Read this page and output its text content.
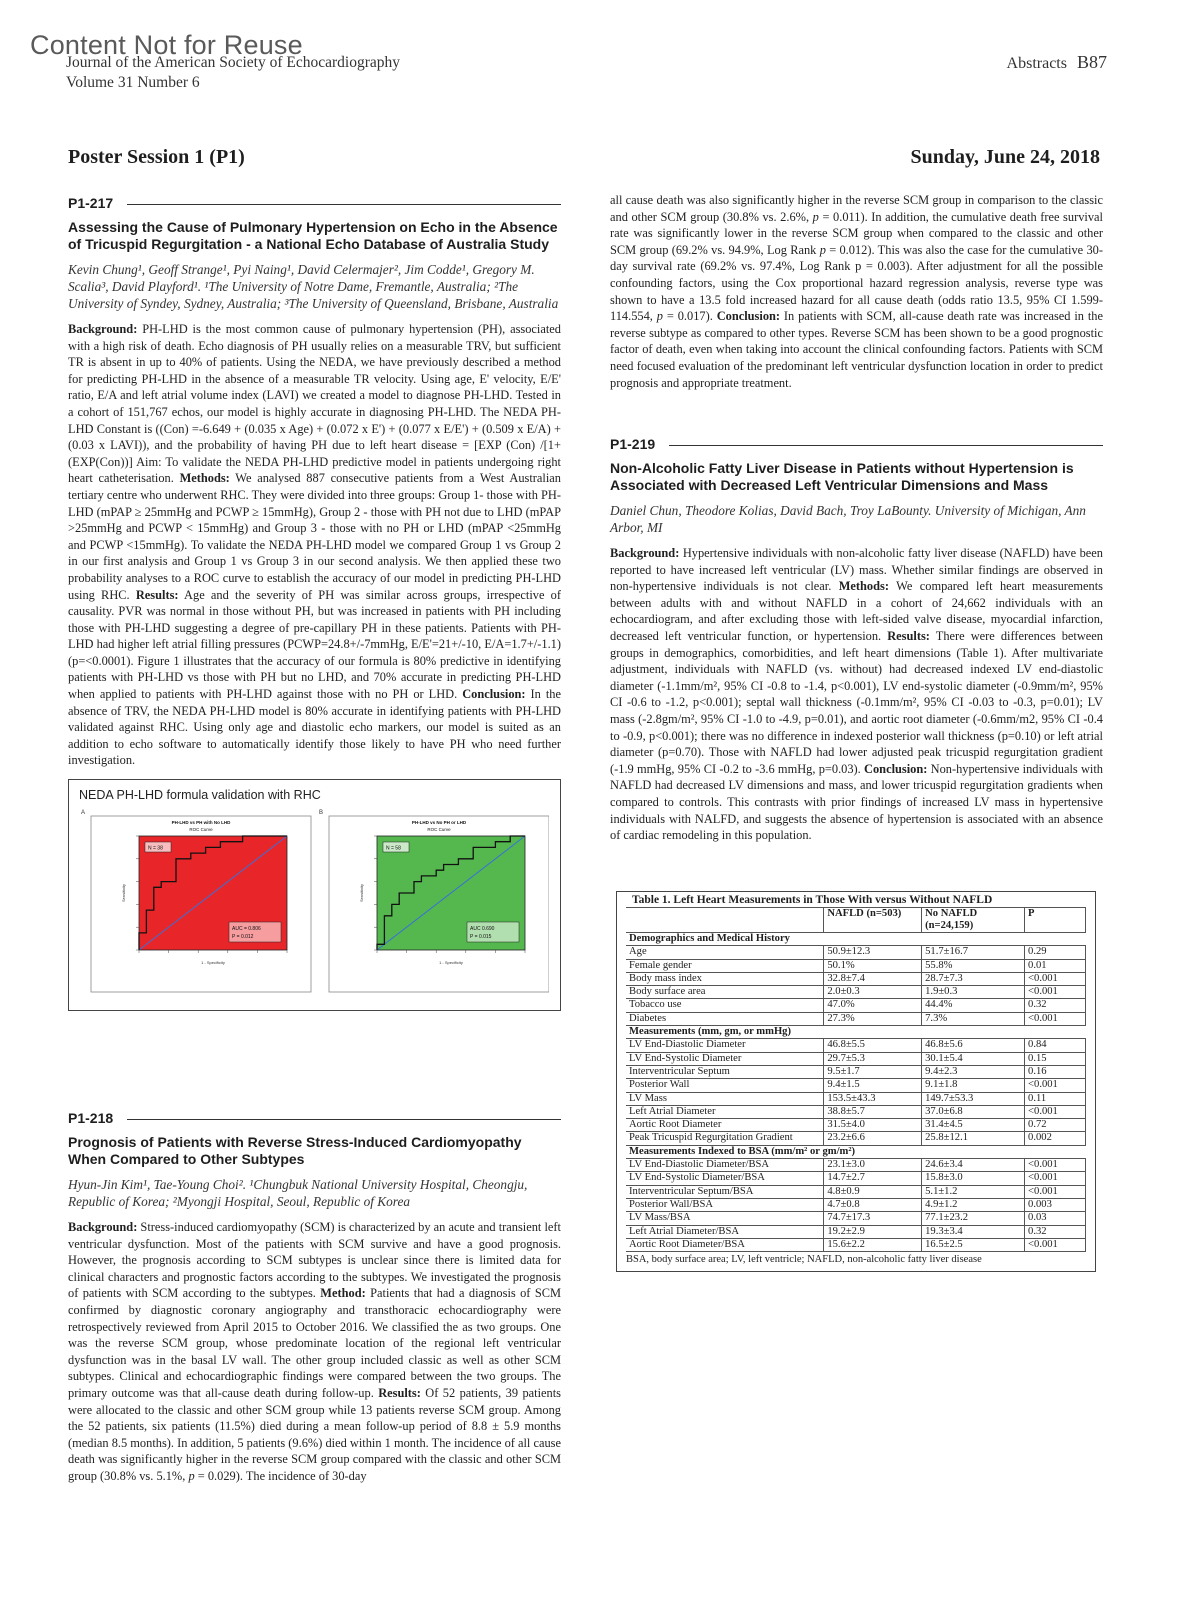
Content Not for Reuse
Journal of the American Society of Echocardiography
Volume 31 Number 6
Abstracts B87
Poster Session 1 (P1)	Sunday, June 24, 2018
P1-217
Assessing the Cause of Pulmonary Hypertension on Echo in the Absence of Tricuspid Regurgitation - a National Echo Database of Australia Study
Kevin Chung¹, Geoff Strange¹, Pyi Naing¹, David Celermajer², Jim Codde¹, Gregory M. Scalia³, David Playford¹. ¹The University of Notre Dame, Fremantle, Australia; ²The University of Syndey, Sydney, Australia; ³The University of Queensland, Brisbane, Australia
Background: PH-LHD is the most common cause of pulmonary hypertension (PH), associated with a high risk of death. Echo diagnosis of PH usually relies on a measurable TRV, but sufficient TR is absent in up to 40% of patients. Using the NEDA, we have previously described a method for predicting PH-LHD in the absence of a measurable TR velocity. Using age, E' velocity, E/E' ratio, E/A and left atrial volume index (LAVI) we created a model to diagnose PH-LHD. Tested in a cohort of 151,767 echos, our model is highly accurate in diagnosing PH-LHD. The NEDA PH-LHD Constant is ((Con) =-6.649 + (0.035 x Age) + (0.072 x E') + (0.077 x E/E') + (0.509 x E/A) + (0.03 x LAVI)), and the probability of having PH due to left heart disease = [EXP (Con) /[1+ (EXP(Con))] Aim: To validate the NEDA PH-LHD predictive model in patients undergoing right heart catheterisation. Methods: We analysed 887 consecutive patients from a West Australian tertiary centre who underwent RHC. They were divided into three groups: Group 1- those with PH-LHD (mPAP ≥ 25mmHg and PCWP ≥ 15mmHg), Group 2 - those with PH not due to LHD (mPAP >25mmHg and PCWP < 15mmHg) and Group 3 - those with no PH or LHD (mPAP <25mmHg and PCWP <15mmHg). To validate the NEDA PH-LHD model we compared Group 1 vs Group 2 in our first analysis and Group 1 vs Group 3 in our second analysis. We then applied these two probability analyses to a ROC curve to establish the accuracy of our model in predicting PH-LHD using RHC. Results: Age and the severity of PH was similar across groups, irrespective of causality. PVR was normal in those without PH, but was increased in patients with PH including those with PH-LHD suggesting a degree of pre-capillary PH in these patients. Patients with PH-LHD had higher left atrial filling pressures (PCWP=24.8+/-7mmHg, E/E'=21+/-10, E/A=1.7+/-1.1)(p=<0.0001). Figure 1 illustrates that the accuracy of our formula is 80% predictive in identifying patients with PH-LHD vs those with PH but no LHD, and 70% accurate in predicting PH-LHD when applied to patients with PH-LHD against those with no PH or LHD. Conclusion: In the absence of TRV, the NEDA PH-LHD model is 80% accurate in identifying patients with PH-LHD validated against RHC. Using only age and diastolic echo markers, our model is suited as an addition to echo software to automatically identify those likely to have PH who need further investigation.
NEDA PH-LHD formula validation with RHC
A
PH-LHD vs PH with No LHD
ROC Curve
N = 38
AUC = 0.806
P = 0.012
1 - Specificity
Sensitivity
B
PH-LHD vs No PH or LHD
ROC Curve
N = 58
AUC 0.690
P = 0.015
1 - Specificity
Sensitivity
P1-218
Prognosis of Patients with Reverse Stress-Induced Cardiomyopathy When Compared to Other Subtypes
Hyun-Jin Kim¹, Tae-Young Choi². ¹Chungbuk National University Hospital, Cheongju, Republic of Korea; ²Myongji Hospital, Seoul, Republic of Korea
Background: Stress-induced cardiomyopathy (SCM) is characterized by an acute and transient left ventricular dysfunction. Most of the patients with SCM survive and have a good prognosis. However, the prognosis according to SCM subtypes is unclear since there is limited data for clinical characters and prognostic factors according to the subtypes. We investigated the prognosis of patients with SCM according to the subtypes. Method: Patients that had a diagnosis of SCM confirmed by diagnostic coronary angiography and transthoracic echocardiography were retrospectively reviewed from April 2015 to October 2016. We classified the as two groups. One was the reverse SCM group, whose predominate location of the regional left ventricular dysfunction was in the basal LV wall. The other group included classic as well as other SCM subtypes. Clinical and echocardiographic findings were compared between the two groups. The primary outcome was that all-cause death during follow-up. Results: Of 52 patients, 39 patients were allocated to the classic and other SCM group while 13 patients reverse SCM group. Among the 52 patients, six patients (11.5%) died during a mean follow-up period of 8.8 ± 5.9 months (median 8.5 months). In addition, 5 patients (9.6%) died within 1 month. The incidence of all cause death was significantly higher in the reverse SCM group compared with the classic and other SCM group (30.8% vs. 5.1%, p = 0.029). The incidence of 30-day
all cause death was also significantly higher in the reverse SCM group in comparison to the classic and other SCM group (30.8% vs. 2.6%, p = 0.011). In addition, the cumulative death free survival rate was significantly lower in the reverse SCM group when compared to the classic and other SCM group (69.2% vs. 94.9%, Log Rank p = 0.012). This was also the case for the cumulative 30-day survival rate (69.2% vs. 97.4%, Log Rank p = 0.003). After adjustment for all the possible confounding factors, using the Cox proportional hazard regression analysis, reverse type was shown to have a 13.5 fold increased hazard for all cause death (odds ratio 13.5, 95% CI 1.599-114.554, p = 0.017). Conclusion: In patients with SCM, all-cause death rate was increased in the reverse subtype as compared to other types. Reverse SCM has been shown to be a good prognostic factor of death, even when taking into account the clinical confounding factors. Patients with SCM need focused evaluation of the predominant left ventricular dysfunction location in order to predict prognosis and appropriate treatment.
P1-219
Non-Alcoholic Fatty Liver Disease in Patients without Hypertension is Associated with Decreased Left Ventricular Dimensions and Mass
Daniel Chun, Theodore Kolias, David Bach, Troy LaBounty. University of Michigan, Ann Arbor, MI
Background: Hypertensive individuals with non-alcoholic fatty liver disease (NAFLD) have been reported to have increased left ventricular (LV) mass. Whether similar findings are observed in non-hypertensive individuals is not clear. Methods: We compared left heart measurements between adults with and without NAFLD in a cohort of 24,662 individuals with an echocardiogram, and after excluding those with left-sided valve disease, myocardial infarction, decreased left ventricular function, or hypertension. Results: There were differences between groups in demographics, comorbidities, and left heart dimensions (Table 1). After multivariate adjustment, individuals with NAFLD (vs. without) had decreased indexed LV end-diastolic diameter (-1.1mm/m², 95% CI -0.8 to -1.4, p<0.001), LV end-systolic diameter (-0.9mm/m², 95% CI -0.6 to -1.2, p<0.001); septal wall thickness (-0.1mm/m², 95% CI -0.03 to -0.3, p=0.01); LV mass (-2.8gm/m², 95% CI -1.0 to -4.9, p=0.01), and aortic root diameter (-0.6mm/m2, 95% CI -0.4 to -0.9, p<0.001); there was no difference in indexed posterior wall thickness (p=0.10) or left atrial diameter (p=0.70). Those with NAFLD had lower adjusted peak tricuspid regurgitation gradient (-1.9 mmHg, 95% CI -0.2 to -3.6 mmHg, p=0.03). Conclusion: Non-hypertensive individuals with NAFLD had decreased LV dimensions and mass, and lower tricuspid regurgitation gradients when compared to controls. This contrasts with prior findings of increased LV mass in hypertensive individuals with NALFD, and suggests the absence of hypertension is associated with an absence of cardiac remodeling in this population.
Table 1. Left Heart Measurements in Those With versus Without NAFLD
	NAFLD (n=503)	No NAFLD (n=24,159)	P
Demographics and Medical History			
Age	50.9±12.3	51.7±16.7	0.29
Female gender	50.1%	55.8%	0.01
Body mass index	32.8±7.4	28.7±7.3	<0.001
Body surface area	2.0±0.3	1.9±0.3	<0.001
Tobacco use	47.0%	44.4%	0.32
Diabetes	27.3%	7.3%	<0.001
Measurements (mm, gm, or mmHg)			
LV End-Diastolic Diameter	46.8±5.5	46.8±5.6	0.84
LV End-Systolic Diameter	29.7±5.3	30.1±5.4	0.15
Interventricular Septum	9.5±1.7	9.4±2.3	0.16
Posterior Wall	9.4±1.5	9.1±1.8	<0.001
LV Mass	153.5±43.3	149.7±53.3	0.11
Left Atrial Diameter	38.8±5.7	37.0±6.8	<0.001
Aortic Root Diameter	31.5±4.0	31.4±4.5	0.72
Peak Tricuspid Regurgitation Gradient	23.2±6.6	25.8±12.1	0.002
Measurements Indexed to BSA (mm/m² or gm/m²)			
LV End-Diastolic Diameter/BSA	23.1±3.0	24.6±3.4	<0.001
LV End-Systolic Diameter/BSA	14.7±2.7	15.8±3.0	<0.001
Interventricular Septum/BSA	4.8±0.9	5.1±1.2	<0.001
Posterior Wall/BSA	4.7±0.8	4.9±1.2	0.003
LV Mass/BSA	74.7±17.3	77.1±23.2	0.03
Left Atrial Diameter/BSA	19.2±2.9	19.3±3.4	0.32
Aortic Root Diameter/BSA	15.6±2.2	16.5±2.5	<0.001
BSA, body surface area; LV, left ventricle; NAFLD, non-alcoholic fatty liver disease
